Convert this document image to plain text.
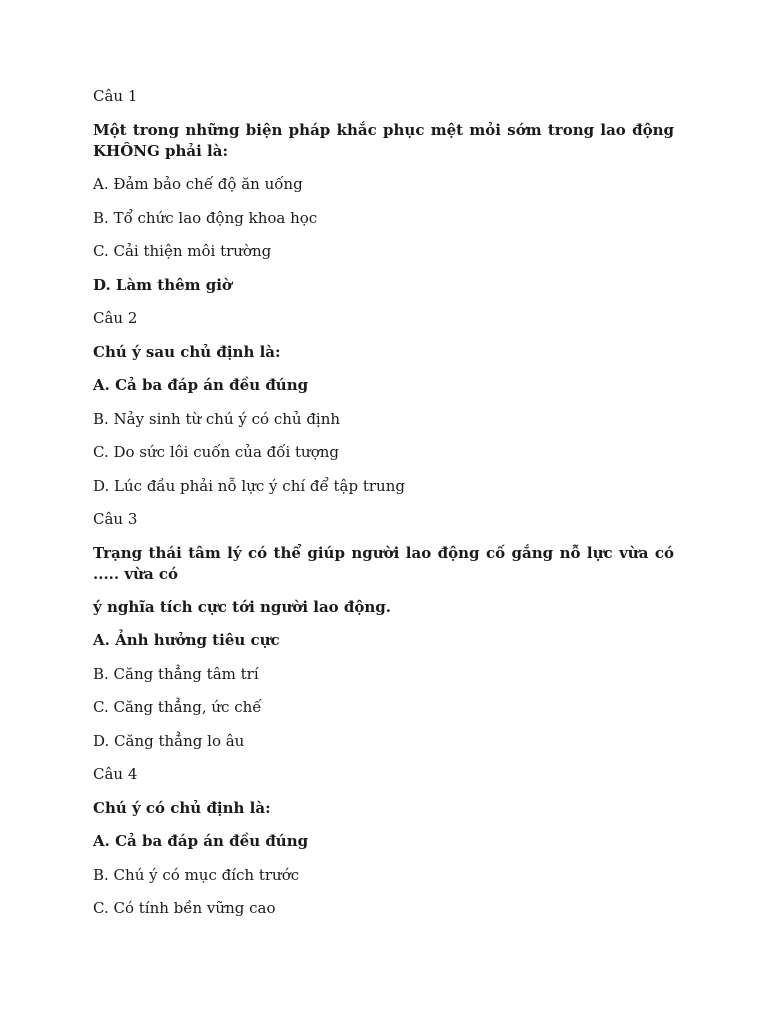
Câu 1

Một trong những biện pháp khắc phục mệt mỏi sớm trong lao động KHÔNG phải là:

A. Đảm bảo chế độ ăn uống

B. Tổ chức lao động khoa học

C. Cải thiện môi trường

D. Làm thêm giờ

Câu 2

Chú ý sau chủ định là:

A. Cả ba đáp án đều đúng

B. Nảy sinh từ chú ý có chủ định

C. Do sức lôi cuốn của đối tượng

D. Lúc đầu phải nỗ lực ý chí để tập trung

Câu 3

Trạng thái tâm lý có thể giúp người lao động cố gắng nỗ lực vừa có ..... vừa có

ý nghĩa tích cực tới người lao động.

A. Ảnh hưởng tiêu cực

B. Căng thẳng tâm trí

C. Căng thẳng, ức chế

D. Căng thẳng lo âu

Câu 4

Chú ý có chủ định là:

A. Cả ba đáp án đều đúng

B. Chú ý có mục đích trước

C. Có tính bền vững cao
